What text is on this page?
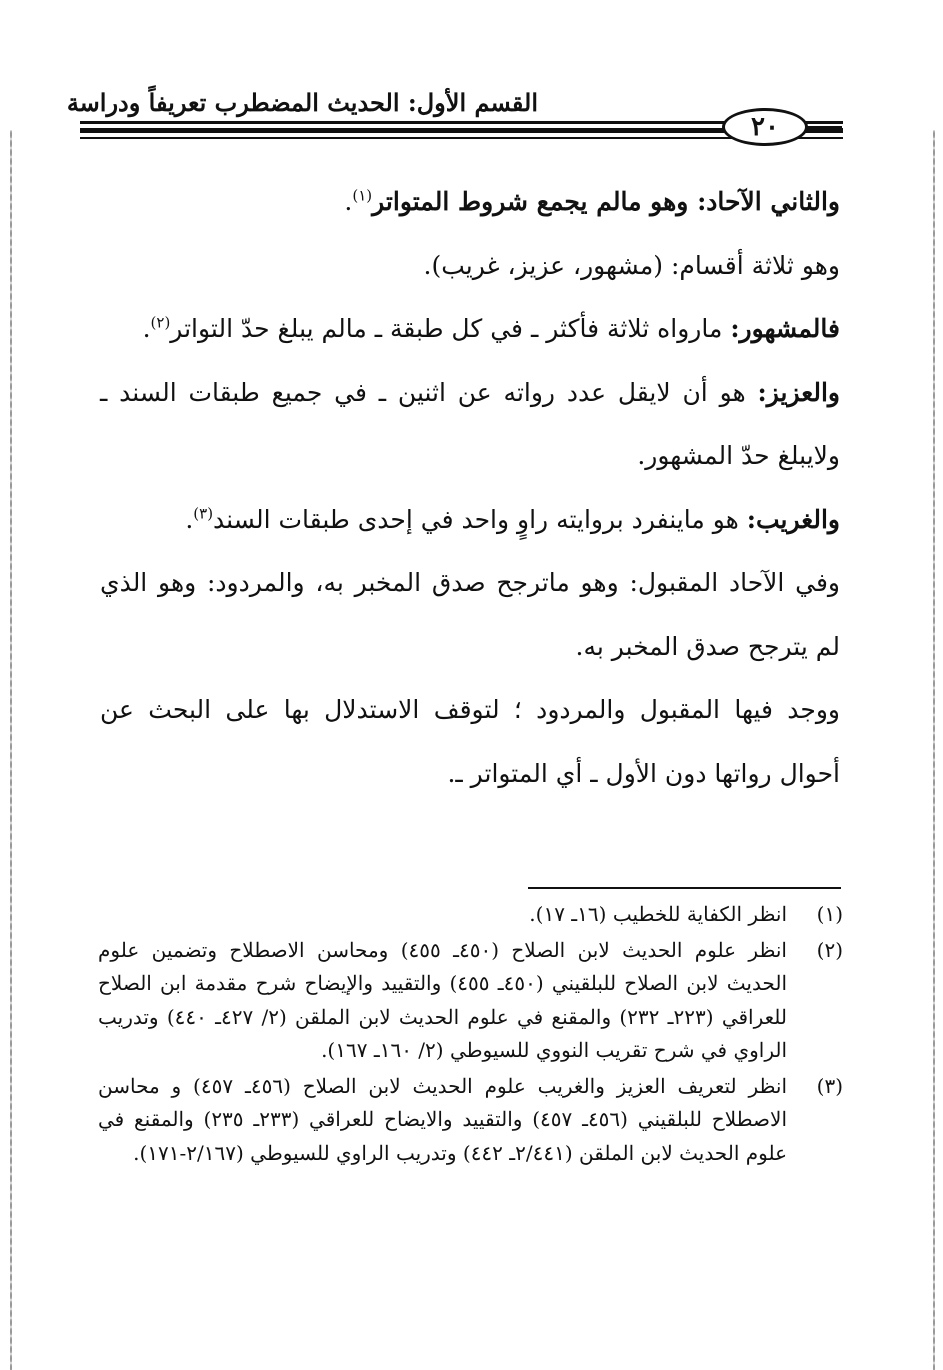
القسم الأول: الحديث المضطرب تعريفاً ودراسة
٢٠

والثاني الآحاد: وهو مالم يجمع شروط المتواتر$^{(١)}$.

وهو ثلاثة أقسام: (مشهور، عزيز، غريب).

فالمشهور: مارواه ثلاثة فأكثر ـ في كل طبقة ـ مالم يبلغ حدّ التواتر$^{(٢)}$.

والعزيز: هو أن لايقل عدد رواته عن اثنين ـ في جميع طبقات السند ـ ولايبلغ حدّ المشهور.

والغريب: هو ماينفرد بروايته راوٍ واحد في إحدى طبقات السند$^{(٣)}$.

وفي الآحاد المقبول: وهو ماترجح صدق المخبر به، والمردود: وهو الذي لم يترجح صدق المخبر به.

ووجد فيها المقبول والمردود ؛ لتوقف الاستدلال بها على البحث عن أحوال رواتها دون الأول ـ أي المتواتر ـ.

(١)
انظر الكفاية للخطيب (١٦ـ ١٧).
(٢)
انظر علوم الحديث لابن الصلاح (٤٥٠ـ ٤٥٥) ومحاسن الاصطلاح وتضمين علوم الحديث لابن الصلاح للبلقيني (٤٥٠ـ ٤٥٥) والتقييد والإيضاح شرح مقدمة ابن الصلاح للعراقي (٢٢٣ـ ٢٣٢) والمقنع في علوم الحديث لابن الملقن (٢/ ٤٢٧ـ ٤٤٠) وتدريب الراوي في شرح تقريب النووي للسيوطي (٢/ ١٦٠ـ ١٦٧).
(٣)
انظر لتعريف العزيز والغريب علوم الحديث لابن الصلاح (٤٥٦ـ ٤٥٧) و محاسن الاصطلاح للبلقيني (٤٥٦ـ ٤٥٧) والتقييد والايضاح للعراقي (٢٣٣ـ ٢٣٥) والمقنع في علوم الحديث لابن الملقن (٢/٤٤١ـ ٤٤٢) وتدريب الراوي للسيوطي (٢/١٦٧-١٧١).
